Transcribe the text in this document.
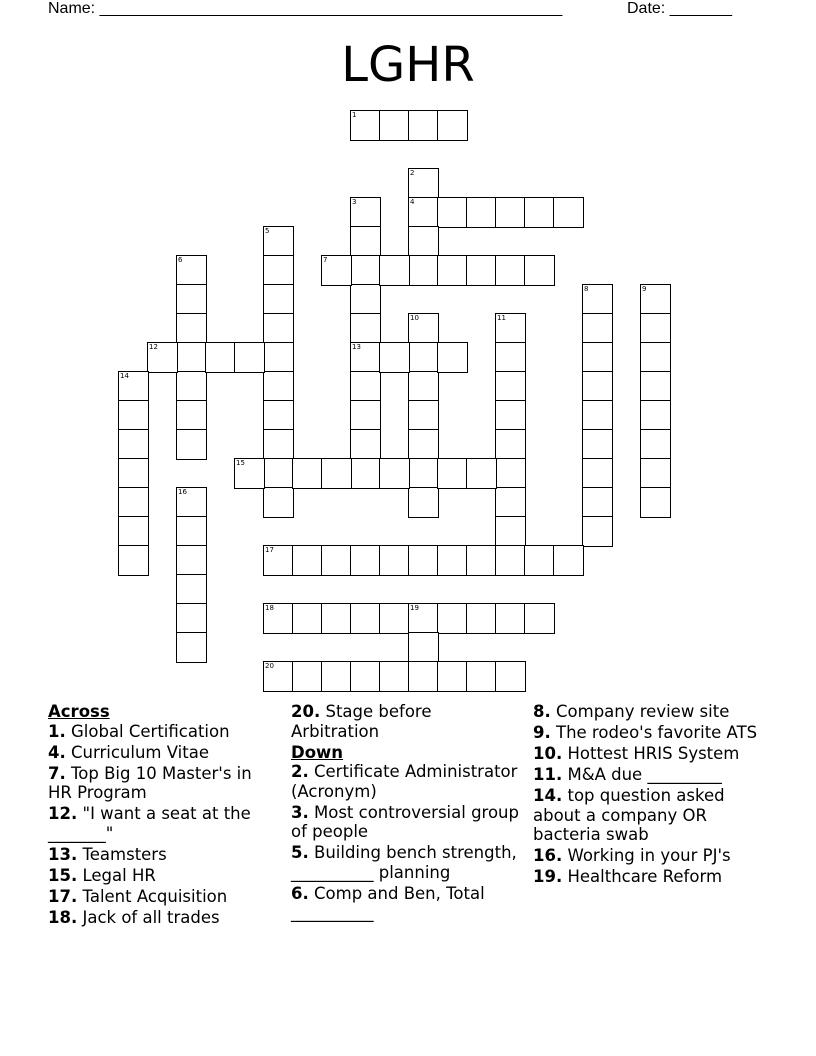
Name: ____________________________________________________	Date: _______
LGHR
1
2
4
3
13
5
6	7
8	9
10	11
12
14
15
16
17
18	19
20
Across
1. Global Certification
4. Curriculum Vitae
7. Top Big 10 Master's in HR Program
12. "I want a seat at the _______"
13. Teamsters
15. Legal HR
17. Talent Acquisition
18. Jack of all trades
20. Stage before Arbitration
Down
2. Certificate Administrator (Acronym)
3. Most controversial group of people
5. Building bench strength, __________ planning
6. Comp and Ben, Total __________
8. Company review site
9. The rodeo's favorite ATS
10. Hottest HRIS System
11. M&A due _________
14. top question asked about a company OR bacteria swab
16. Working in your PJ's
19. Healthcare Reform
